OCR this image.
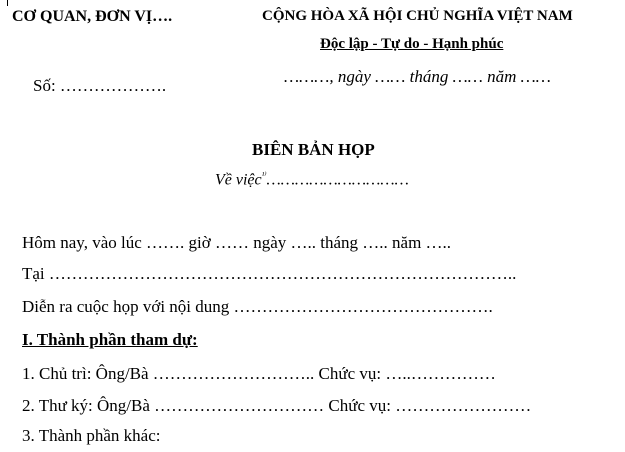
CƠ QUAN, ĐƠN VỊ….	CỘNG HÒA XÃ HỘI CHỦ NGHĨA VIỆT NAM
Độc lập - Tự do - Hạnh phúc
Số: ……………….	………, ngày …… tháng …… năm ……
BIÊN BẢN HỌP
Về việc$^{^{1)}}$…………………………
Hôm nay, vào lúc ……. giờ …… ngày ….. tháng ….. năm …..
Tại ………………………………………………………………………..
Diễn ra cuộc họp với nội dung ……………………………………….
I. Thành phần tham dự:
1. Chủ trì: Ông/Bà ……………………….. Chức vụ: …..……………
2. Thư ký: Ông/Bà ………………………… Chức vụ: ……………………
3. Thành phần khác:
